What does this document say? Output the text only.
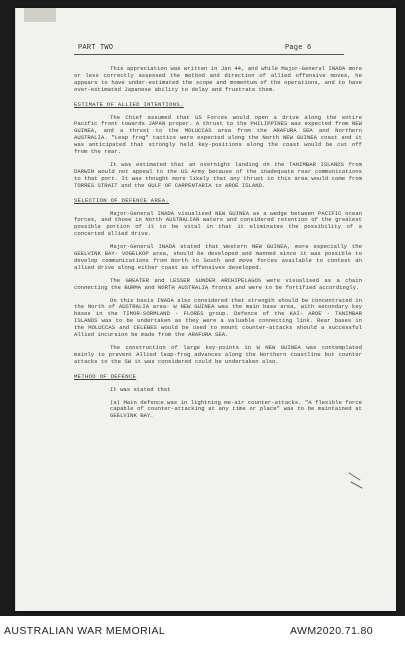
PART TWO	Page 6

This appreciation was written in Jan 44, and while Major-General INADA more or less correctly assessed the method and direction of allied offensive moves, he appears to have under-estimated the scope and momentum of the operations, and to have over-estimated Japanese ability to delay and frustrate them.

ESTIMATE OF ALLIED INTENTIONS.

The Chief assumed that US Forces would open a drive along the entire Pacific front towards JAPAN proper. A thrust to the PHILIPPINES was expected from NEW GUINEA, and a thrust to the MOLUCCAS area from the ARAFURA SEA and Northern AUSTRALIA. "Leap frog" tactics were expected along the North NEW GUINEA coast and it was anticipated that strongly held key-positions along the coast would be cut off from the rear.

It was estimated that an overnight landing on the TANIMBAR ISLANDS from DARWIN would not appeal to the US Army because of the inadequate rear communications to that port. It was thought more likely that any thrust in this area would come from TORRES STRAIT and the GULF OF CARPENTARIA to AROE ISLAND.

SELECTION OF DEFENCE AREA.

Major-General INADA visualised NEW GUINEA as a wedge between PACIFIC ocean forces, and those in North AUSTRALIAN waters and considered retention of the greatest possible portion of it to be vital in that it eliminates the possibility of a concerted allied drive.

Major-General INADA stated that Western NEW GUINEA, more especially the GEELVINK BAY- VOGELKOP area, should be developed and manned since it was possible to develop communications from North to South and move forces available to contest an allied drive along either coast as offensives developed.

The GREATER and LESSER SUNDER ARCHIPELAGOS were visualised as a chain connecting the BURMA and NORTH AUSTRALIA fronts and were to be fortified accordingly.

On this basis INADA also considered that strength should be concentrated in the North of AUSTRALIA area- W NEW GUINEA was the main base area, with secondary key bases in the TIMOR-SORMLAND - FLORES group. Defence of the KAI- AROE - TANIMBAR ISLANDS was to be undertaken as they were a valuable connecting link. Rear bases in the MOLUCCAS and CELEBES would be used to mount counter-attacks should a successful Allied incursion be made from the ARAFURA SEA.

The construction of large key-points in W NEW GUINEA was contemplated mainly to prevent Allied leap-frog advances along the Northern coastline but counter attacks to the SW it was considered could be undertaken also.

METHOD OF DEFENCE

It was stated that

(a) Main defence was in lightning me-air counter-attacks. "A flexible force capable of counter-attacking at any time or place" was to be maintained at GEELVINK BAY.

AUSTRALIAN WAR MEMORIAL	AWM2020.71.80
